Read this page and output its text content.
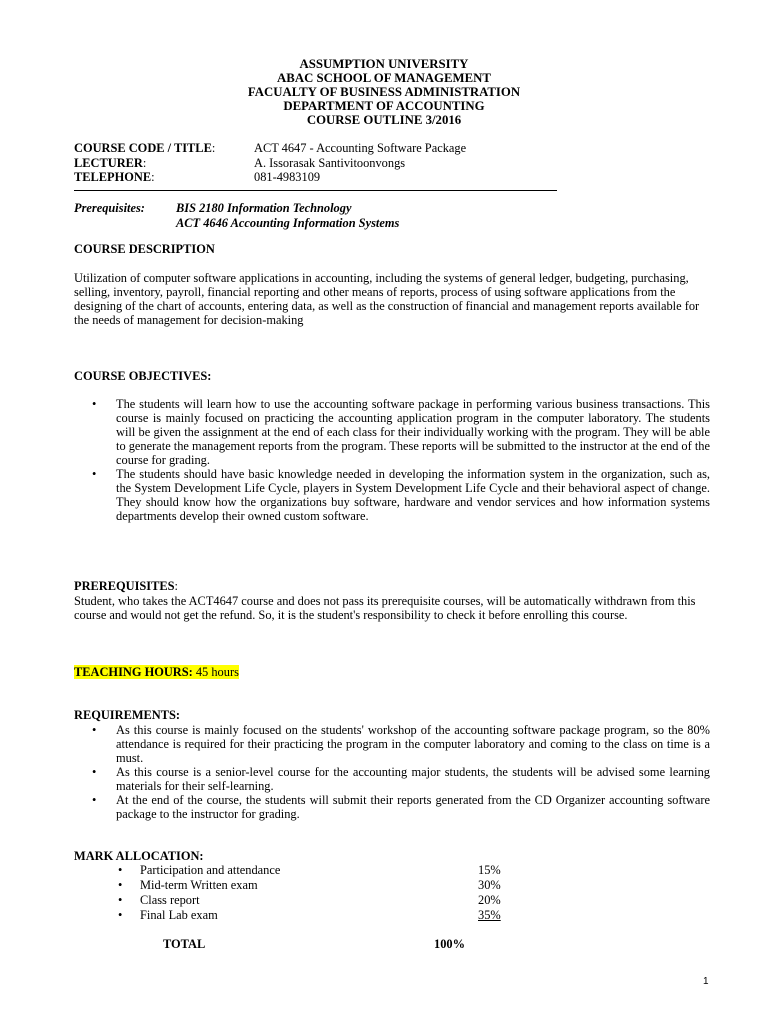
ASSUMPTION UNIVERSITY
ABAC SCHOOL OF MANAGEMENT
FACUALTY OF BUSINESS ADMINISTRATION
DEPARTMENT OF ACCOUNTING
COURSE OUTLINE 3/2016
COURSE CODE / TITLE:	ACT 4647 - Accounting Software Package
LECTURER:	A. Issorasak Santivitoonvongs
TELEPHONE:	081-4983109
Prerequisites:	BIS 2180 Information Technology
ACT 4646 Accounting Information Systems
COURSE DESCRIPTION
Utilization of computer software applications in accounting, including the systems of general ledger, budgeting, purchasing, selling, inventory, payroll, financial reporting and other means of reports, process of using software applications from the designing of the chart of accounts, entering data, as well as the construction of financial and management reports available for the needs of management for decision-making
COURSE OBJECTIVES:
• The students will learn how to use the accounting software package in performing various business transactions. This course is mainly focused on practicing the accounting application program in the computer laboratory. The students will be given the assignment at the end of each class for their individually working with the program. They will be able to generate the management reports from the program. These reports will be submitted to the instructor at the end of the course for grading.
• The students should have basic knowledge needed in developing the information system in the organization, such as, the System Development Life Cycle, players in System Development Life Cycle and their behavioral aspect of change. They should know how the organizations buy software, hardware and vendor services and how information systems departments develop their owned custom software.
PREREQUISITES:
Student, who takes the ACT4647 course and does not pass its prerequisite courses, will be automatically withdrawn from this course and would not get the refund. So, it is the student's responsibility to check it before enrolling this course.
TEACHING HOURS: 45 hours
REQUIREMENTS:
• As this course is mainly focused on the students' workshop of the accounting software package program, so the 80% attendance is required for their practicing the program in the computer laboratory and coming to the class on time is a must.
• As this course is a senior-level course for the accounting major students, the students will be advised some learning materials for their self-learning.
• At the end of the course, the students will submit their reports generated from the CD Organizer accounting software package to the instructor for grading.
MARK ALLOCATION:
• Participation and attendance	15%
• Mid-term Written exam	30%
• Class report	20%
• Final Lab exam	35%
TOTAL	100%
1
